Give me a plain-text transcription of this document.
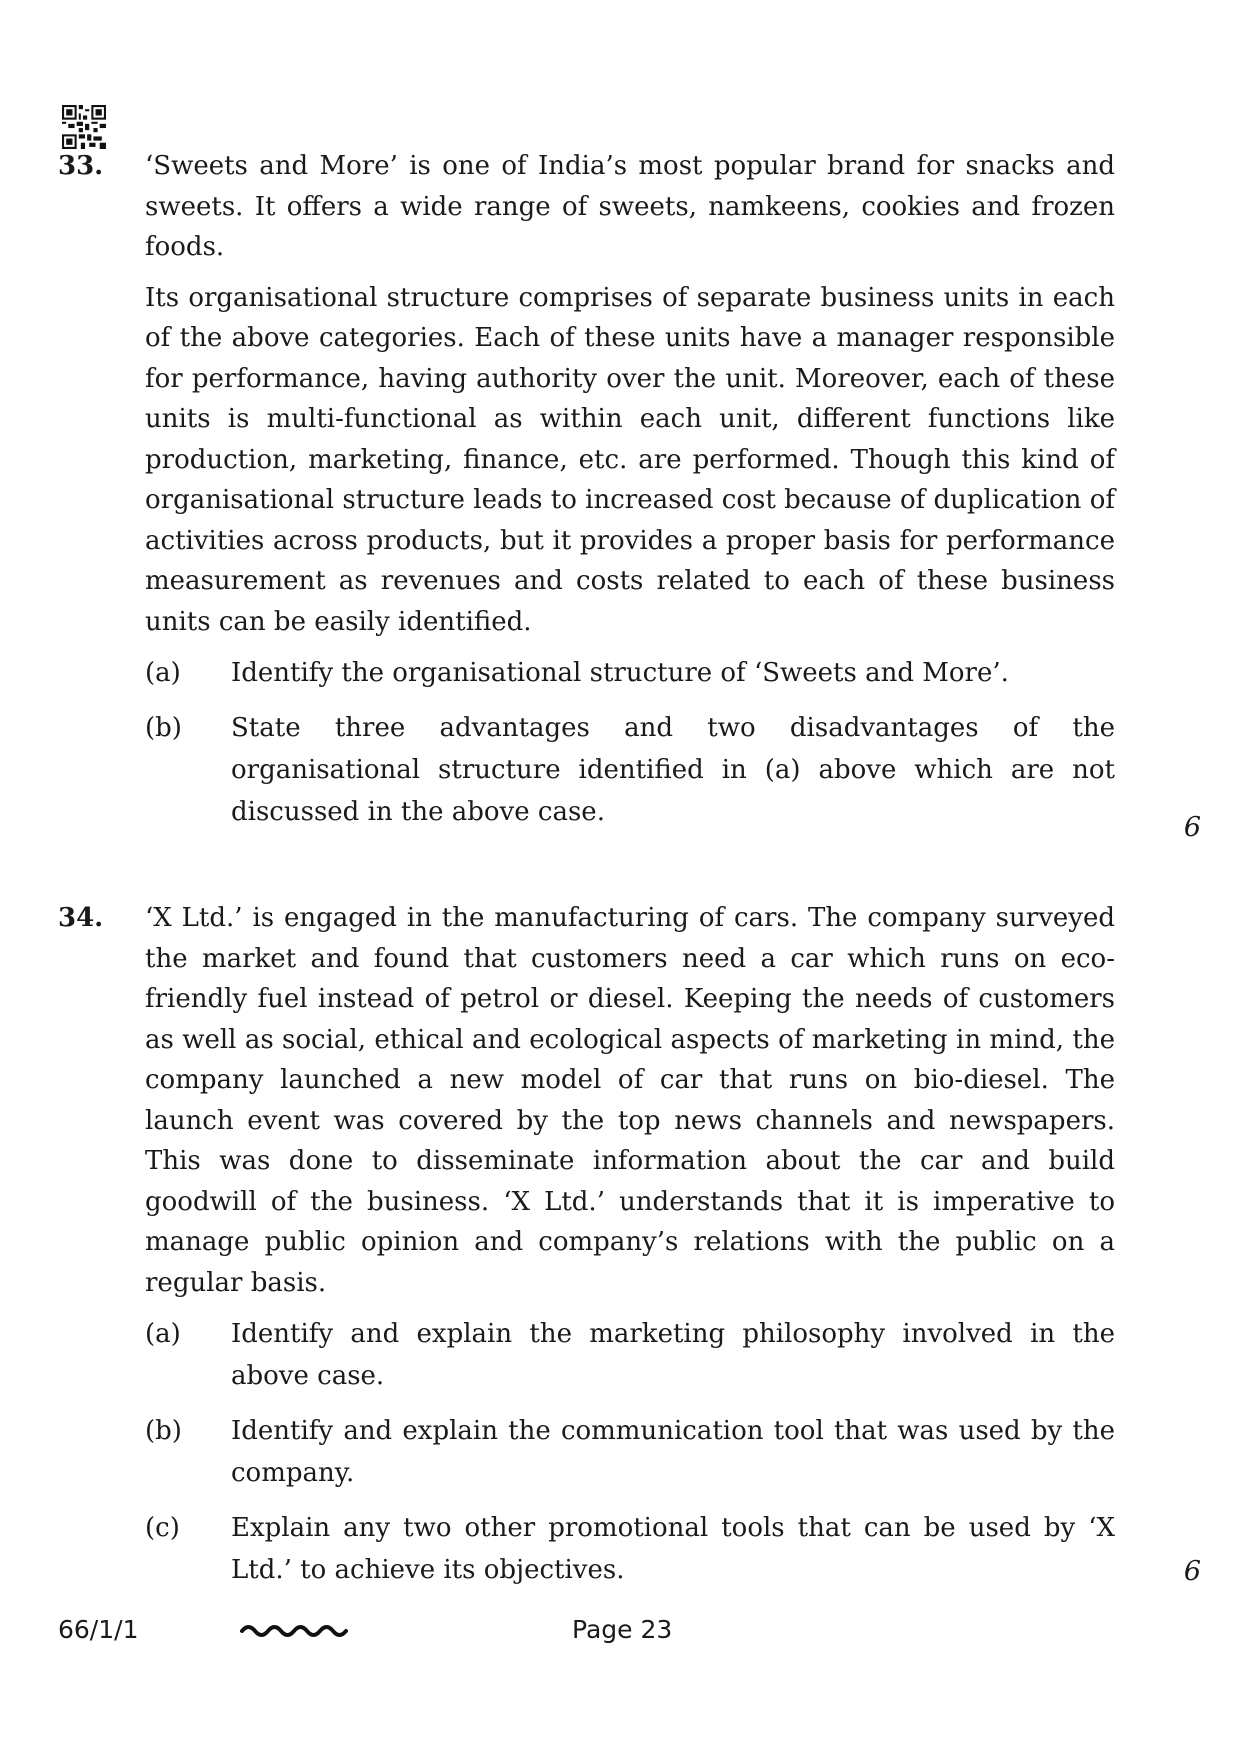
33. ‘Sweets and More’ is one of India’s most popular brand for snacks and sweets. It offers a wide range of sweets, namkeens, cookies and frozen foods.

Its organisational structure comprises of separate business units in each of the above categories. Each of these units have a manager responsible for performance, having authority over the unit. Moreover, each of these units is multi-functional as within each unit, different functions like production, marketing, finance, etc. are performed. Though this kind of organisational structure leads to increased cost because of duplication of activities across products, but it provides a proper basis for performance measurement as revenues and costs related to each of these business units can be easily identified.

(a) Identify the organisational structure of ‘Sweets and More’.
(b) State three advantages and two disadvantages of the organisational structure identified in (a) above which are not discussed in the above case.	6
34. ‘X Ltd.’ is engaged in the manufacturing of cars. The company surveyed the market and found that customers need a car which runs on eco-friendly fuel instead of petrol or diesel. Keeping the needs of customers as well as social, ethical and ecological aspects of marketing in mind, the company launched a new model of car that runs on bio-diesel. The launch event was covered by the top news channels and newspapers. This was done to disseminate information about the car and build goodwill of the business. ‘X Ltd.’ understands that it is imperative to manage public opinion and company’s relations with the public on a regular basis.

(a) Identify and explain the marketing philosophy involved in the above case.
(b) Identify and explain the communication tool that was used by the company.
(c) Explain any two other promotional tools that can be used by ‘X Ltd.’ to achieve its objectives.	6
66/1/1	Page 23
